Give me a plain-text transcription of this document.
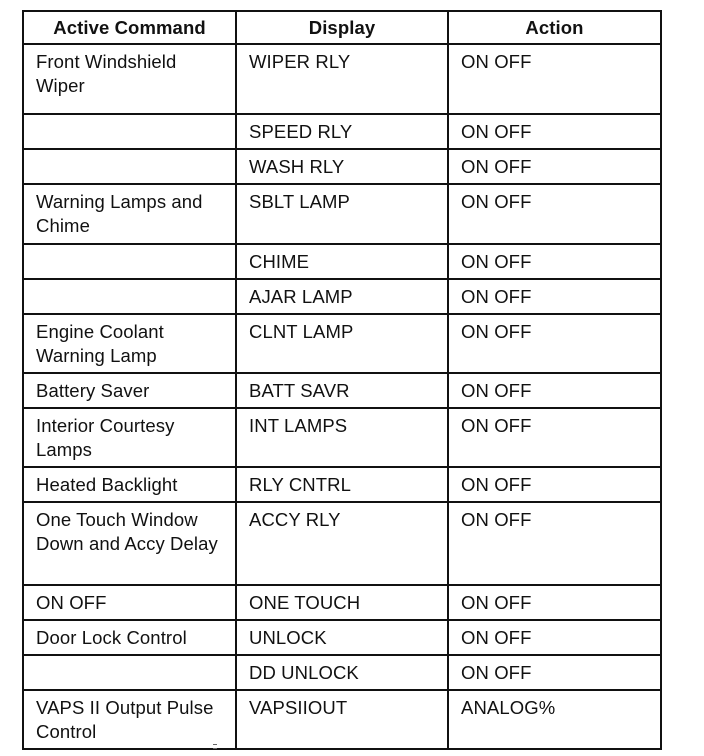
Active Command	Display	Action
Front Windshield Wiper	WIPER RLY	ON OFF
	SPEED RLY	ON OFF
	WASH RLY	ON OFF
Warning Lamps and Chime	SBLT LAMP	ON OFF
	CHIME	ON OFF
	AJAR LAMP	ON OFF
Engine Coolant Warning Lamp	CLNT LAMP	ON OFF
Battery Saver	BATT SAVR	ON OFF
Interior Courtesy Lamps	INT LAMPS	ON OFF
Heated Backlight	RLY CNTRL	ON OFF
One Touch Window Down and Accy Delay	ACCY RLY	ON OFF
ON OFF	ONE TOUCH	ON OFF
Door Lock Control	UNLOCK	ON OFF
	DD UNLOCK	ON OFF
VAPS II Output Pulse Control	VAPSIIOUT	ANALOG%
